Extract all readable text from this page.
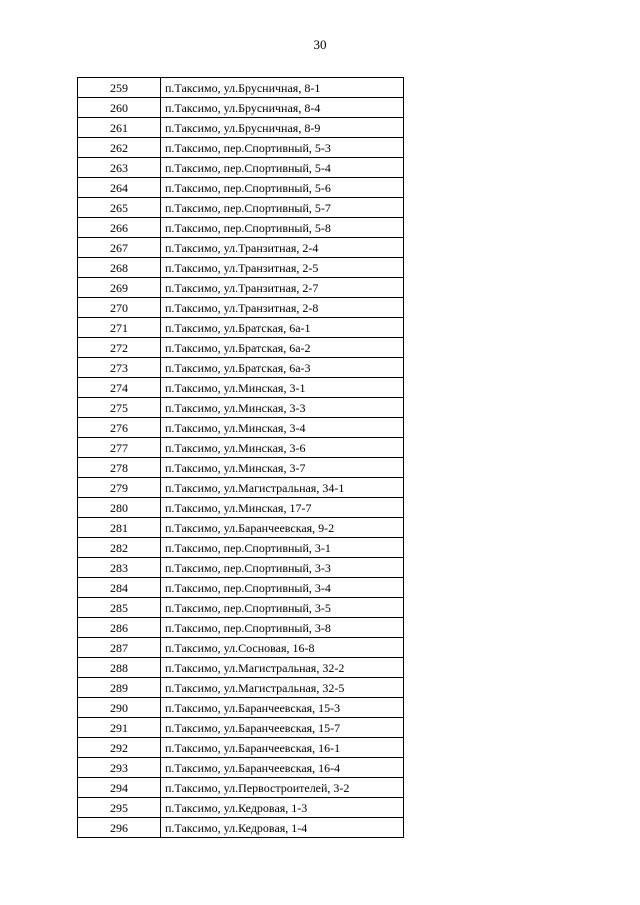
30
259	п.Таксимо, ул.Брусничная, 8-1
260	п.Таксимо, ул.Брусничная, 8-4
261	п.Таксимо, ул.Брусничная, 8-9
262	п.Таксимо, пер.Спортивный, 5-3
263	п.Таксимо, пер.Спортивный, 5-4
264	п.Таксимо, пер.Спортивный, 5-6
265	п.Таксимо, пер.Спортивный, 5-7
266	п.Таксимо, пер.Спортивный, 5-8
267	п.Таксимо, ул.Транзитная, 2-4
268	п.Таксимо, ул.Транзитная, 2-5
269	п.Таксимо, ул.Транзитная, 2-7
270	п.Таксимо, ул.Транзитная, 2-8
271	п.Таксимо, ул.Братская, 6а-1
272	п.Таксимо, ул.Братская, 6а-2
273	п.Таксимо, ул.Братская, 6а-3
274	п.Таксимо, ул.Минская, 3-1
275	п.Таксимо, ул.Минская, 3-3
276	п.Таксимо, ул.Минская, 3-4
277	п.Таксимо, ул.Минская, 3-6
278	п.Таксимо, ул.Минская, 3-7
279	п.Таксимо, ул.Магистральная, 34-1
280	п.Таксимо, ул.Минская, 17-7
281	п.Таксимо, ул.Баранчеевская, 9-2
282	п.Таксимо, пер.Спортивный, 3-1
283	п.Таксимо, пер.Спортивный, 3-3
284	п.Таксимо, пер.Спортивный, 3-4
285	п.Таксимо, пер.Спортивный, 3-5
286	п.Таксимо, пер.Спортивный, 3-8
287	п.Таксимо, ул.Сосновая, 16-8
288	п.Таксимо, ул.Магистральная, 32-2
289	п.Таксимо, ул.Магистральная, 32-5
290	п.Таксимо, ул.Баранчеевская, 15-3
291	п.Таксимо, ул.Баранчеевская, 15-7
292	п.Таксимо, ул.Баранчеевская, 16-1
293	п.Таксимо, ул.Баранчеевская, 16-4
294	п.Таксимо, ул.Первостроителей, 3-2
295	п.Таксимо, ул.Кедровая, 1-3
296	п.Таксимо, ул.Кедровая, 1-4
